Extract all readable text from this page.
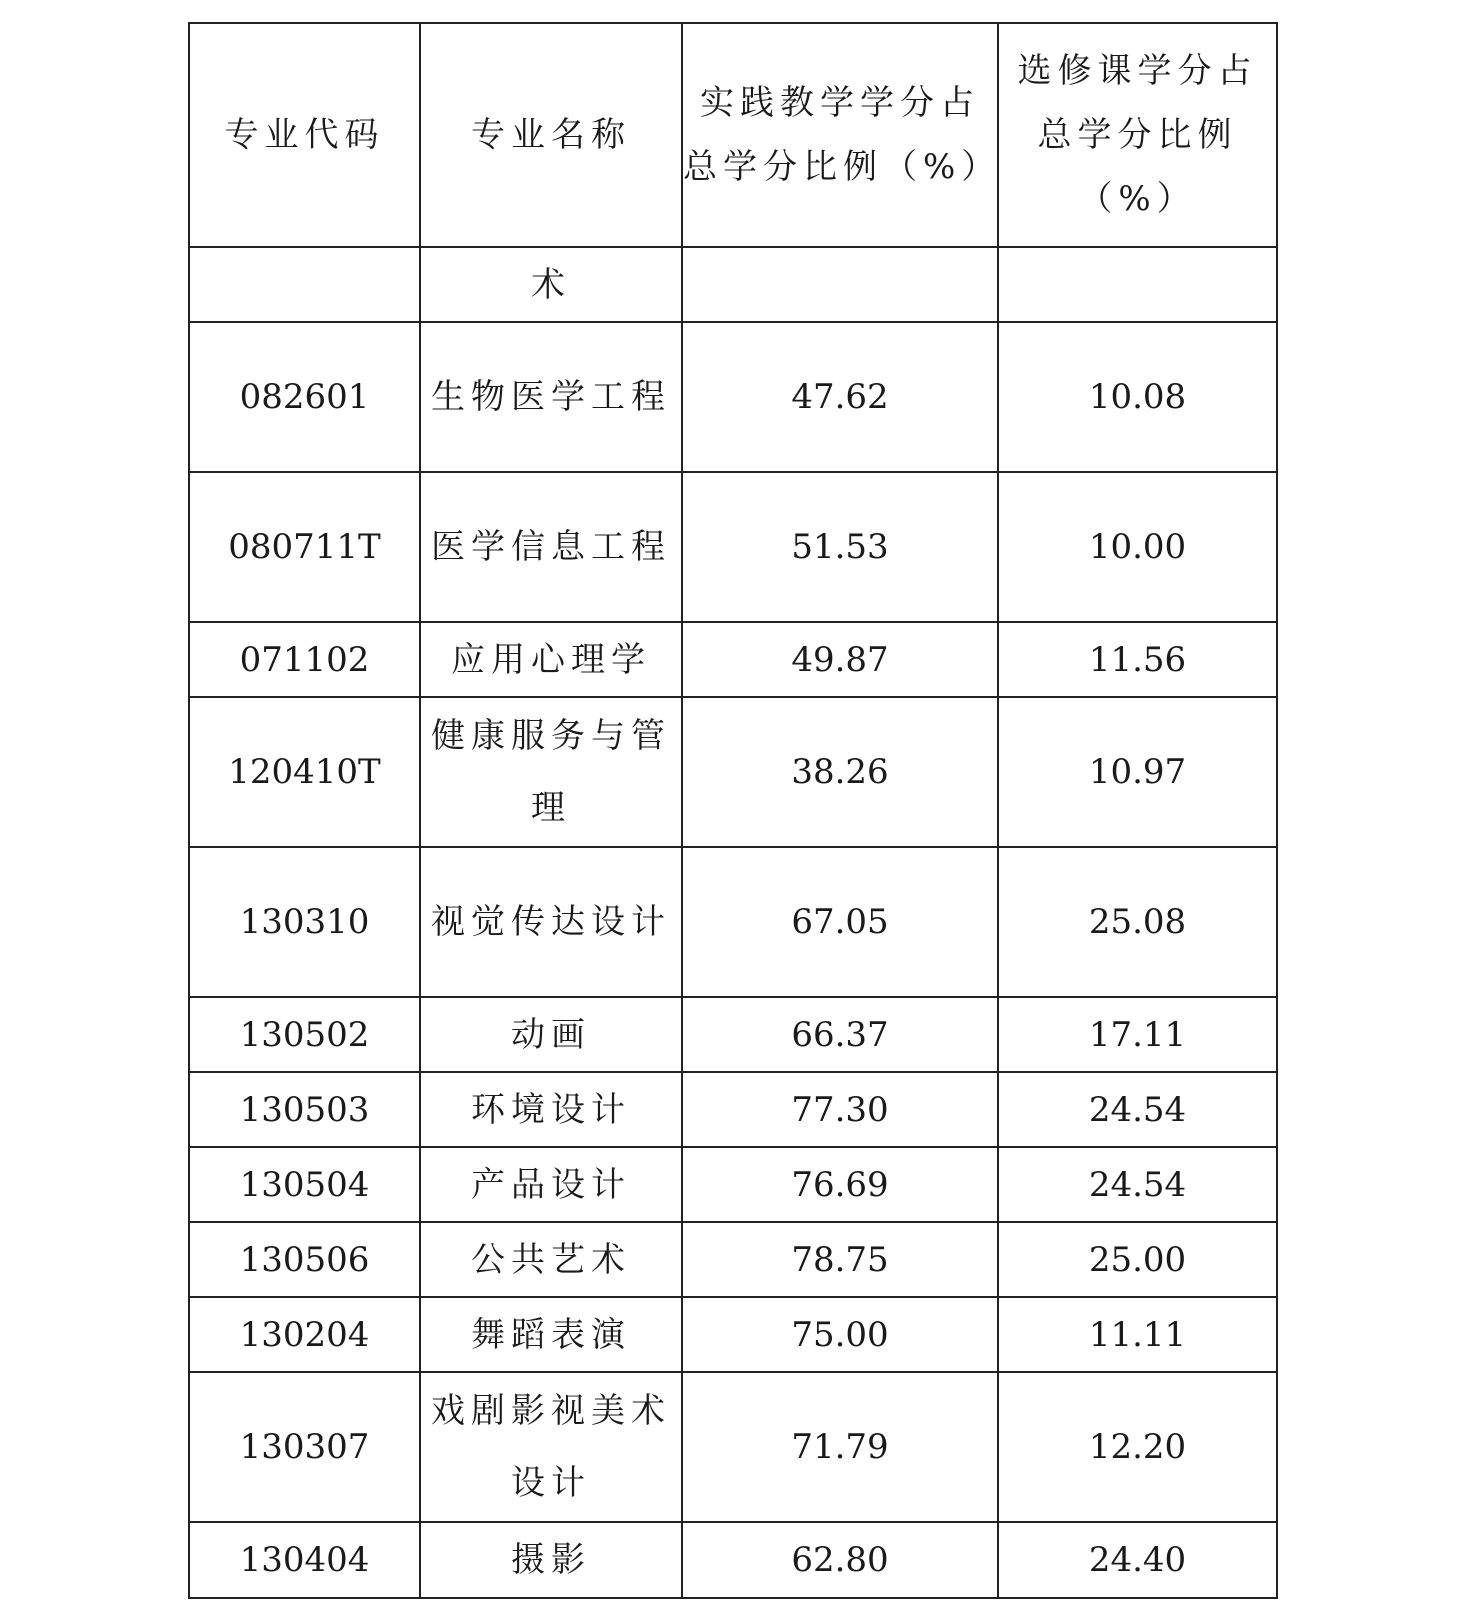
专业代码	专业名称	实践教学学分占总学分比例（%）	选修课学分占总学分比例（%）
	术		
082601	生物医学工程	47.62	10.08
080711T	医学信息工程	51.53	10.00
071102	应用心理学	49.87	11.56
120410T	健康服务与管理	38.26	10.97
130310	视觉传达设计	67.05	25.08
130502	动画	66.37	17.11
130503	环境设计	77.30	24.54
130504	产品设计	76.69	24.54
130506	公共艺术	78.75	25.00
130204	舞蹈表演	75.00	11.11
130307	戏剧影视美术设计	71.79	12.20
130404	摄影	62.80	24.40
